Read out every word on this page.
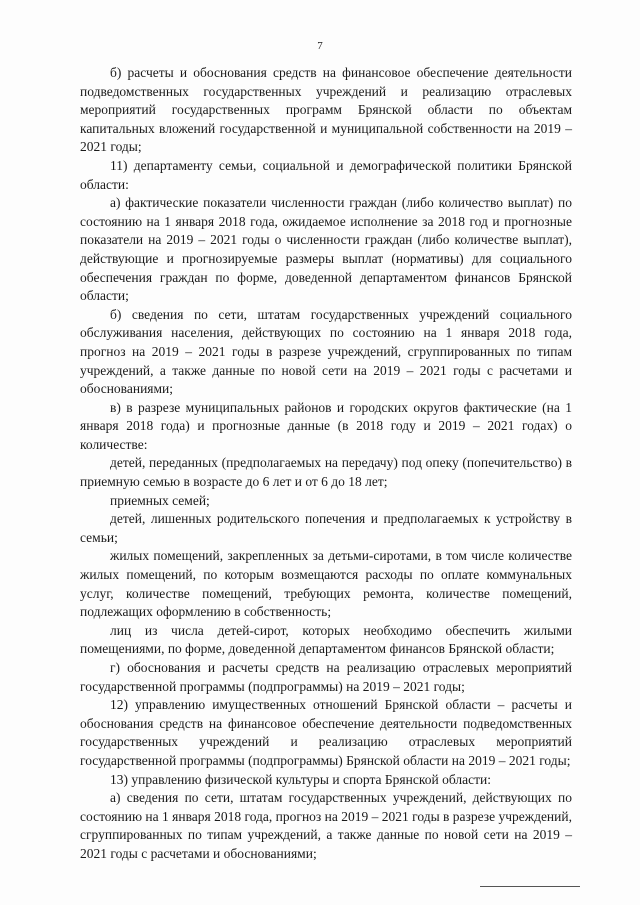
7

б) расчеты и обоснования средств на финансовое обеспечение деятельности подведомственных государственных учреждений и реализацию отраслевых мероприятий государственных программ Брянской области по объектам капитальных вложений государственной и муниципальной собственности на 2019 – 2021 годы;

11) департаменту семьи, социальной и демографической политики Брянской области:

а) фактические показатели численности граждан (либо количество выплат) по состоянию на 1 января 2018 года, ожидаемое исполнение за 2018 год и прогнозные показатели на 2019 – 2021 годы о численности граждан (либо количестве выплат), действующие и прогнозируемые размеры выплат (нормативы) для социального обеспечения граждан по форме, доведенной департаментом финансов Брянской области;

б) сведения по сети, штатам государственных учреждений социального обслуживания населения, действующих по состоянию на 1 января 2018 года, прогноз на 2019 – 2021 годы в разрезе учреждений, сгруппированных по типам учреждений, а также данные по новой сети на 2019 – 2021 годы с расчетами и обоснованиями;

в) в разрезе муниципальных районов и городских округов фактические (на 1 января 2018 года) и прогнозные данные (в 2018 году и 2019 – 2021 годах) о количестве:

детей, переданных (предполагаемых на передачу) под опеку (попечительство) в приемную семью в возрасте до 6 лет и от 6 до 18 лет;

приемных семей;

детей, лишенных родительского попечения и предполагаемых к устройству в семьи;

жилых помещений, закрепленных за детьми-сиротами, в том числе количестве жилых помещений, по которым возмещаются расходы по оплате коммунальных услуг, количестве помещений, требующих ремонта, количестве помещений, подлежащих оформлению в собственность;

лиц из числа детей-сирот, которых необходимо обеспечить жилыми помещениями, по форме, доведенной департаментом финансов Брянской области;

г) обоснования и расчеты средств на реализацию отраслевых мероприятий государственной программы (подпрограммы) на 2019 – 2021 годы;

12) управлению имущественных отношений Брянской области – расчеты и обоснования средств на финансовое обеспечение деятельности подведомственных государственных учреждений и реализацию отраслевых мероприятий государственной программы (подпрограммы) Брянской области на 2019 – 2021 годы;

13) управлению физической культуры и спорта Брянской области:

а) сведения по сети, штатам государственных учреждений, действующих по состоянию на 1 января 2018 года, прогноз на 2019 – 2021 годы в разрезе учреждений, сгруппированных по типам учреждений, а также данные по новой сети на 2019 – 2021 годы с расчетами и обоснованиями;
